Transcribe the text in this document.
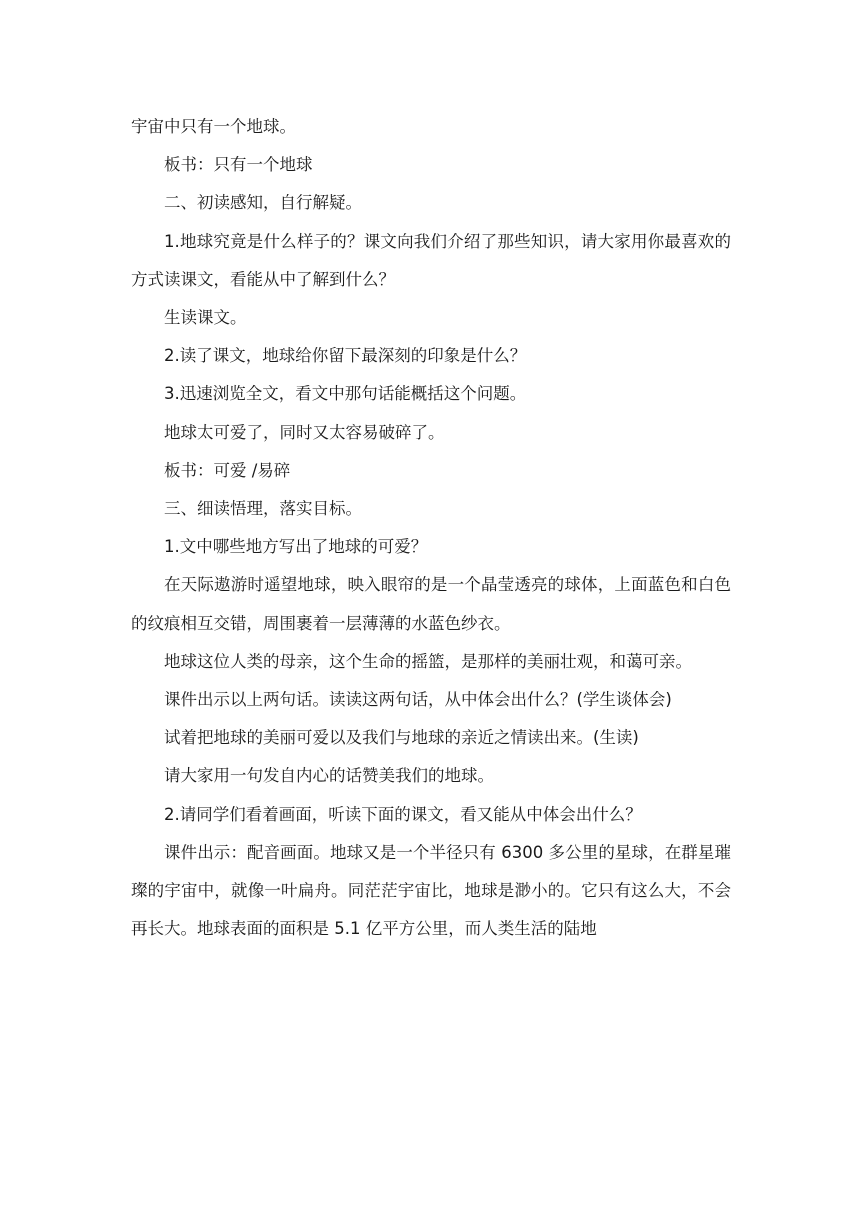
宇宙中只有一个地球。

板书：只有一个地球

二、初读感知，自行解疑。

1.地球究竟是什么样子的？课文向我们介绍了那些知识，请大家用你最喜欢的方式读课文，看能从中了解到什么？

生读课文。

2.读了课文，地球给你留下最深刻的印象是什么？

3.迅速浏览全文，看文中那句话能概括这个问题。

地球太可爱了，同时又太容易破碎了。

板书：可爱 /易碎

三、细读悟理，落实目标。

1.文中哪些地方写出了地球的可爱？

在天际遨游时遥望地球，映入眼帘的是一个晶莹透亮的球体，上面蓝色和白色的纹痕相互交错，周围裹着一层薄薄的水蓝色纱衣。

地球这位人类的母亲，这个生命的摇篮，是那样的美丽壮观，和蔼可亲。

课件出示以上两句话。读读这两句话，从中体会出什么？(学生谈体会)

试着把地球的美丽可爱以及我们与地球的亲近之情读出来。(生读)

请大家用一句发自内心的话赞美我们的地球。

2.请同学们看着画面，听读下面的课文，看又能从中体会出什么？

课件出示：配音画面。地球又是一个半径只有 6300 多公里的星球，在群星璀璨的宇宙中，就像一叶扁舟。同茫茫宇宙比，地球是渺小的。它只有这么大，不会再长大。地球表面的面积是 5.1 亿平方公里，而人类生活的陆地
